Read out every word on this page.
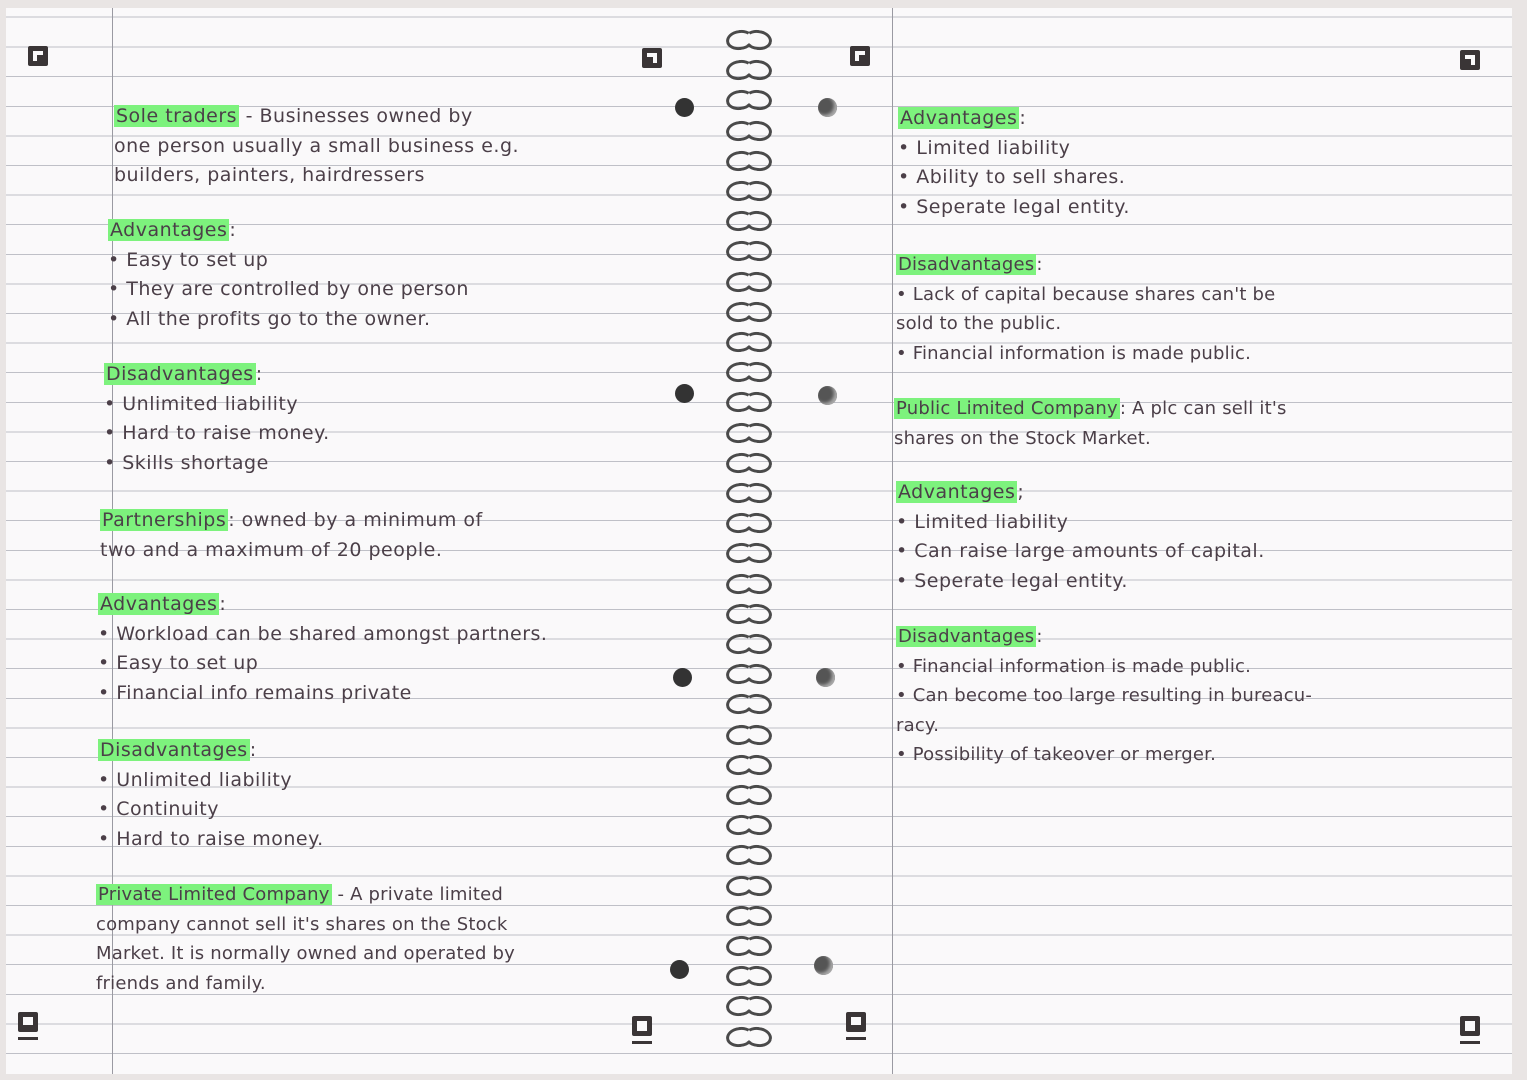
Sole traders - Businesses owned by
one person usually a small business e.g.
builders, painters, hairdressers
Advantages :
• Easy to set up
• They are controlled by one person
• All the profits go to the owner.
Disadvantages :
• Unlimited liability
• Hard to raise money.
• Skills shortage
Partnerships : owned by a minimum of
two and a maximum of 20 people.
Advantages :
• Workload can be shared amongst partners.
• Easy to set up
• Financial info remains private
Disadvantages :
• Unlimited liability
• Continuity
• Hard to raise money.
Private Limited Company - A private limited
company cannot sell it's shares on the Stock
Market. It is normally owned and operated by
friends and family.
Advantages :
• Limited liability
• Ability to sell shares.
• Seperate legal entity.
Disadvantages :
• Lack of capital because shares can't be
sold to the public.
• Financial information is made public.
Public Limited Company : A plc can sell it's
shares on the Stock Market.
Advantages ;
• Limited liability
• Can raise large amounts of capital.
• Seperate legal entity.
Disadvantages :
• Financial information is made public.
• Can become too large resulting in bureacu-
racy.
• Possibility of takeover or merger.
